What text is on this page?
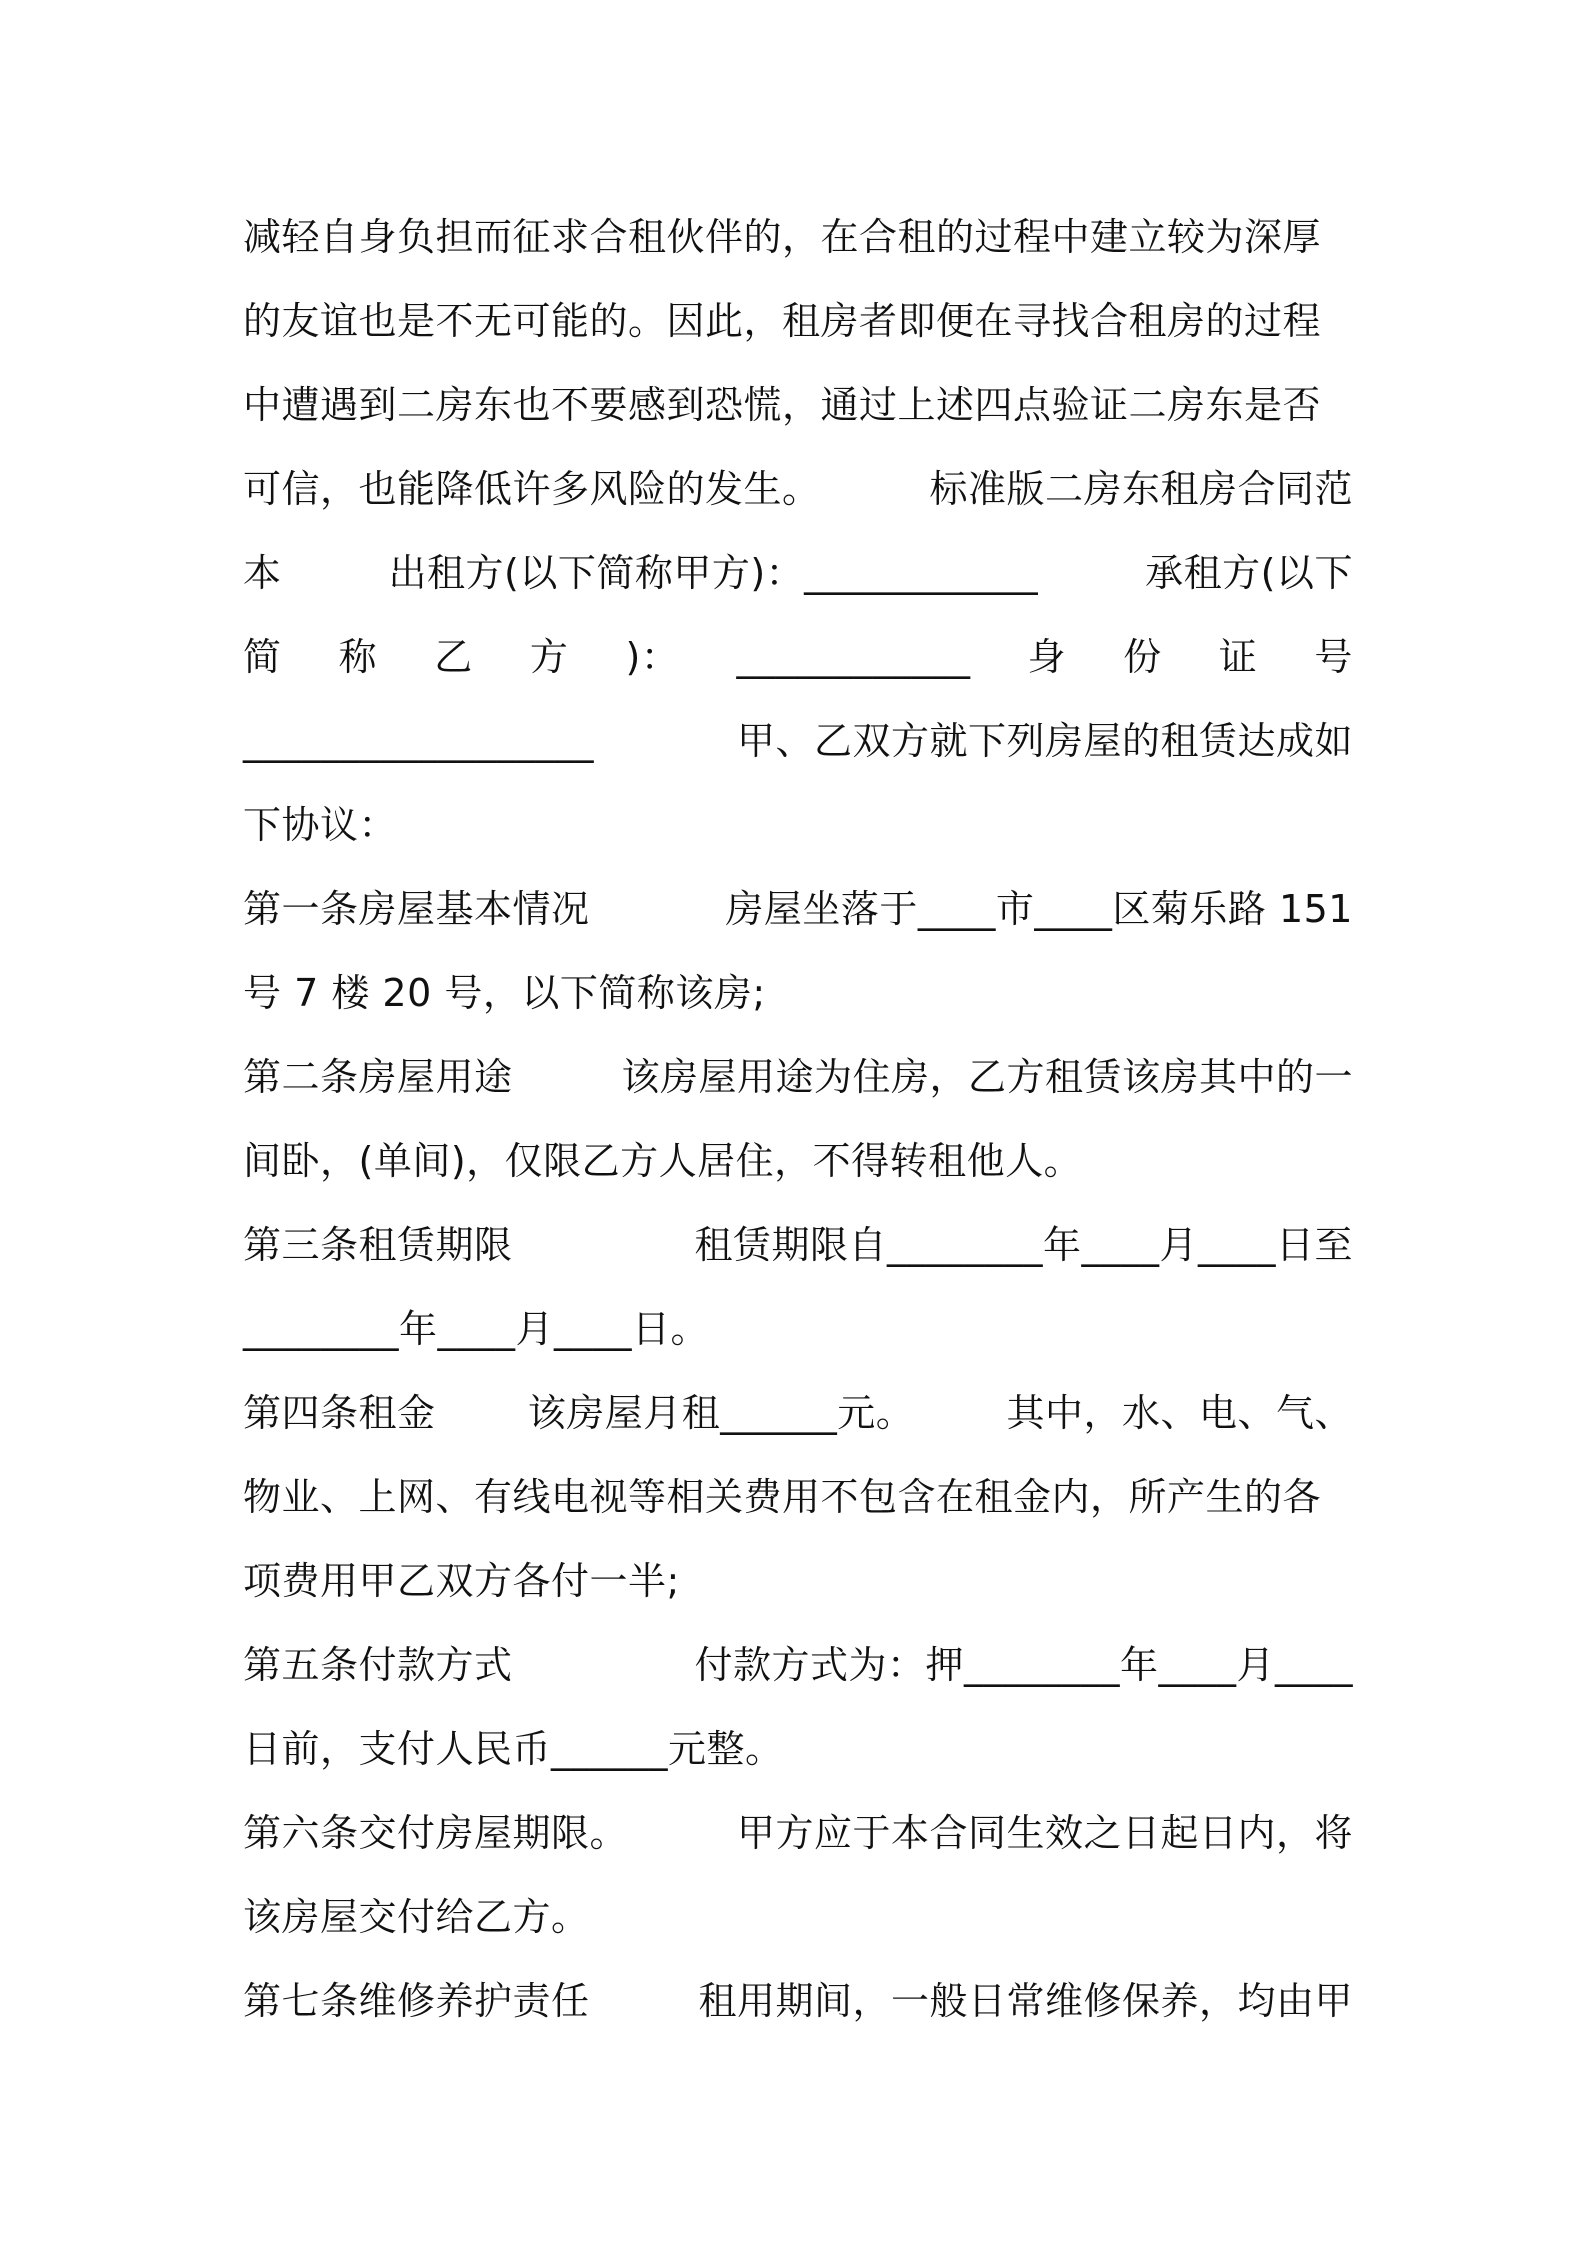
减轻自身负担而征求合租伙伴的，在合租的过程中建立较为深厚
的友谊也是不无可能的。因此，租房者即便在寻找合租房的过程
中遭遇到二房东也不要感到恐慌，通过上述四点验证二房东是否
可信，也能降低许多风险的发生。	标准版二房东租房合同范
本	出租方(以下简称甲方)：____________	承租方(以下
简 称 乙 方 )： ____________ 身 份 证 号
__________________	甲、乙双方就下列房屋的租赁达成如
下协议：
第一条房屋基本情况	房屋坐落于____市____区菊乐路 151
号 7 楼 20 号，以下简称该房;
第二条房屋用途	该房屋用途为住房，乙方租赁该房其中的一
间卧，(单间)，仅限乙方人居住，不得转租他人。
第三条租赁期限	租赁期限自________年____月____日至
________年____月____日。
第四条租金 该房屋月租______元。 其中，水、电、气、
物业、上网、有线电视等相关费用不包含在租金内，所产生的各
项费用甲乙双方各付一半;
第五条付款方式	付款方式为：押________年____月____
日前，支付人民币______元整。
第六条交付房屋期限。	甲方应于本合同生效之日起日内，将
该房屋交付给乙方。
第七条维修养护责任	租用期间，一般日常维修保养，均由甲
